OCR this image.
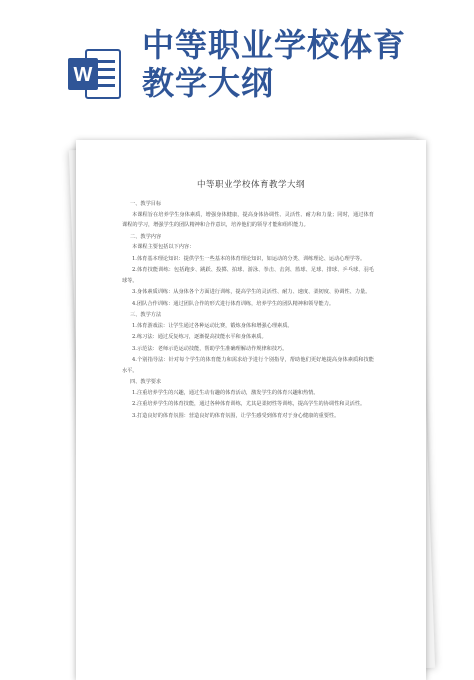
W
中等职业学校体育
教学大纲
中等职业学校体育教学大纲
一、教学目标
本课程旨在培养学生身体素质，增强身体健康，提高身体协调性、灵活性、耐力和力量；同时，通过体育课程的学习，增强学生的团队精神和合作意识，培养他们的领导才能和组织能力。
二、教学内容
本课程主要包括以下内容：
1.体育基本理论知识：提供学生一些基本的体育理论知识，如运动的分类、训练理论、运动心理学等。
2.体育技能训练：包括跑步、跳跃、投掷、拍球、游泳、拳击、击剑、篮球、足球、排球、乒乓球、羽毛球等。
3.身体素质训练：从身体各个方面进行训练，提高学生的灵活性、耐力、速度、柔韧度、协调性、力量。
4.团队合作训练：通过团队合作的形式进行体育训练，培养学生的团队精神和领导能力。
三、教学方法
1.体育游戏法：让学生通过各种运动比赛，锻炼身体和增强心理素质。
2.练习法：通过反复练习，逐渐提高技能水平和身体素质。
3.示范法：老师示范运动技能，帮助学生准确理解动作规律和技巧。
4.个别指导法：针对每个学生的体育能力和需求给予进行个别指导，帮助他们更好地提高身体素质和技能水平。
四、教学要求
1.注重培养学生的兴趣，通过生动有趣的体育活动，激发学生的体育兴趣和热情。
2.注重培养学生的体育技能，通过各种体育训练，尤其是柔韧性等训练，提高学生的协调性和灵活性。
3.打造良好的体育氛围：营造良好的体育氛围，让学生感受到体育对于身心健康的重要性。
